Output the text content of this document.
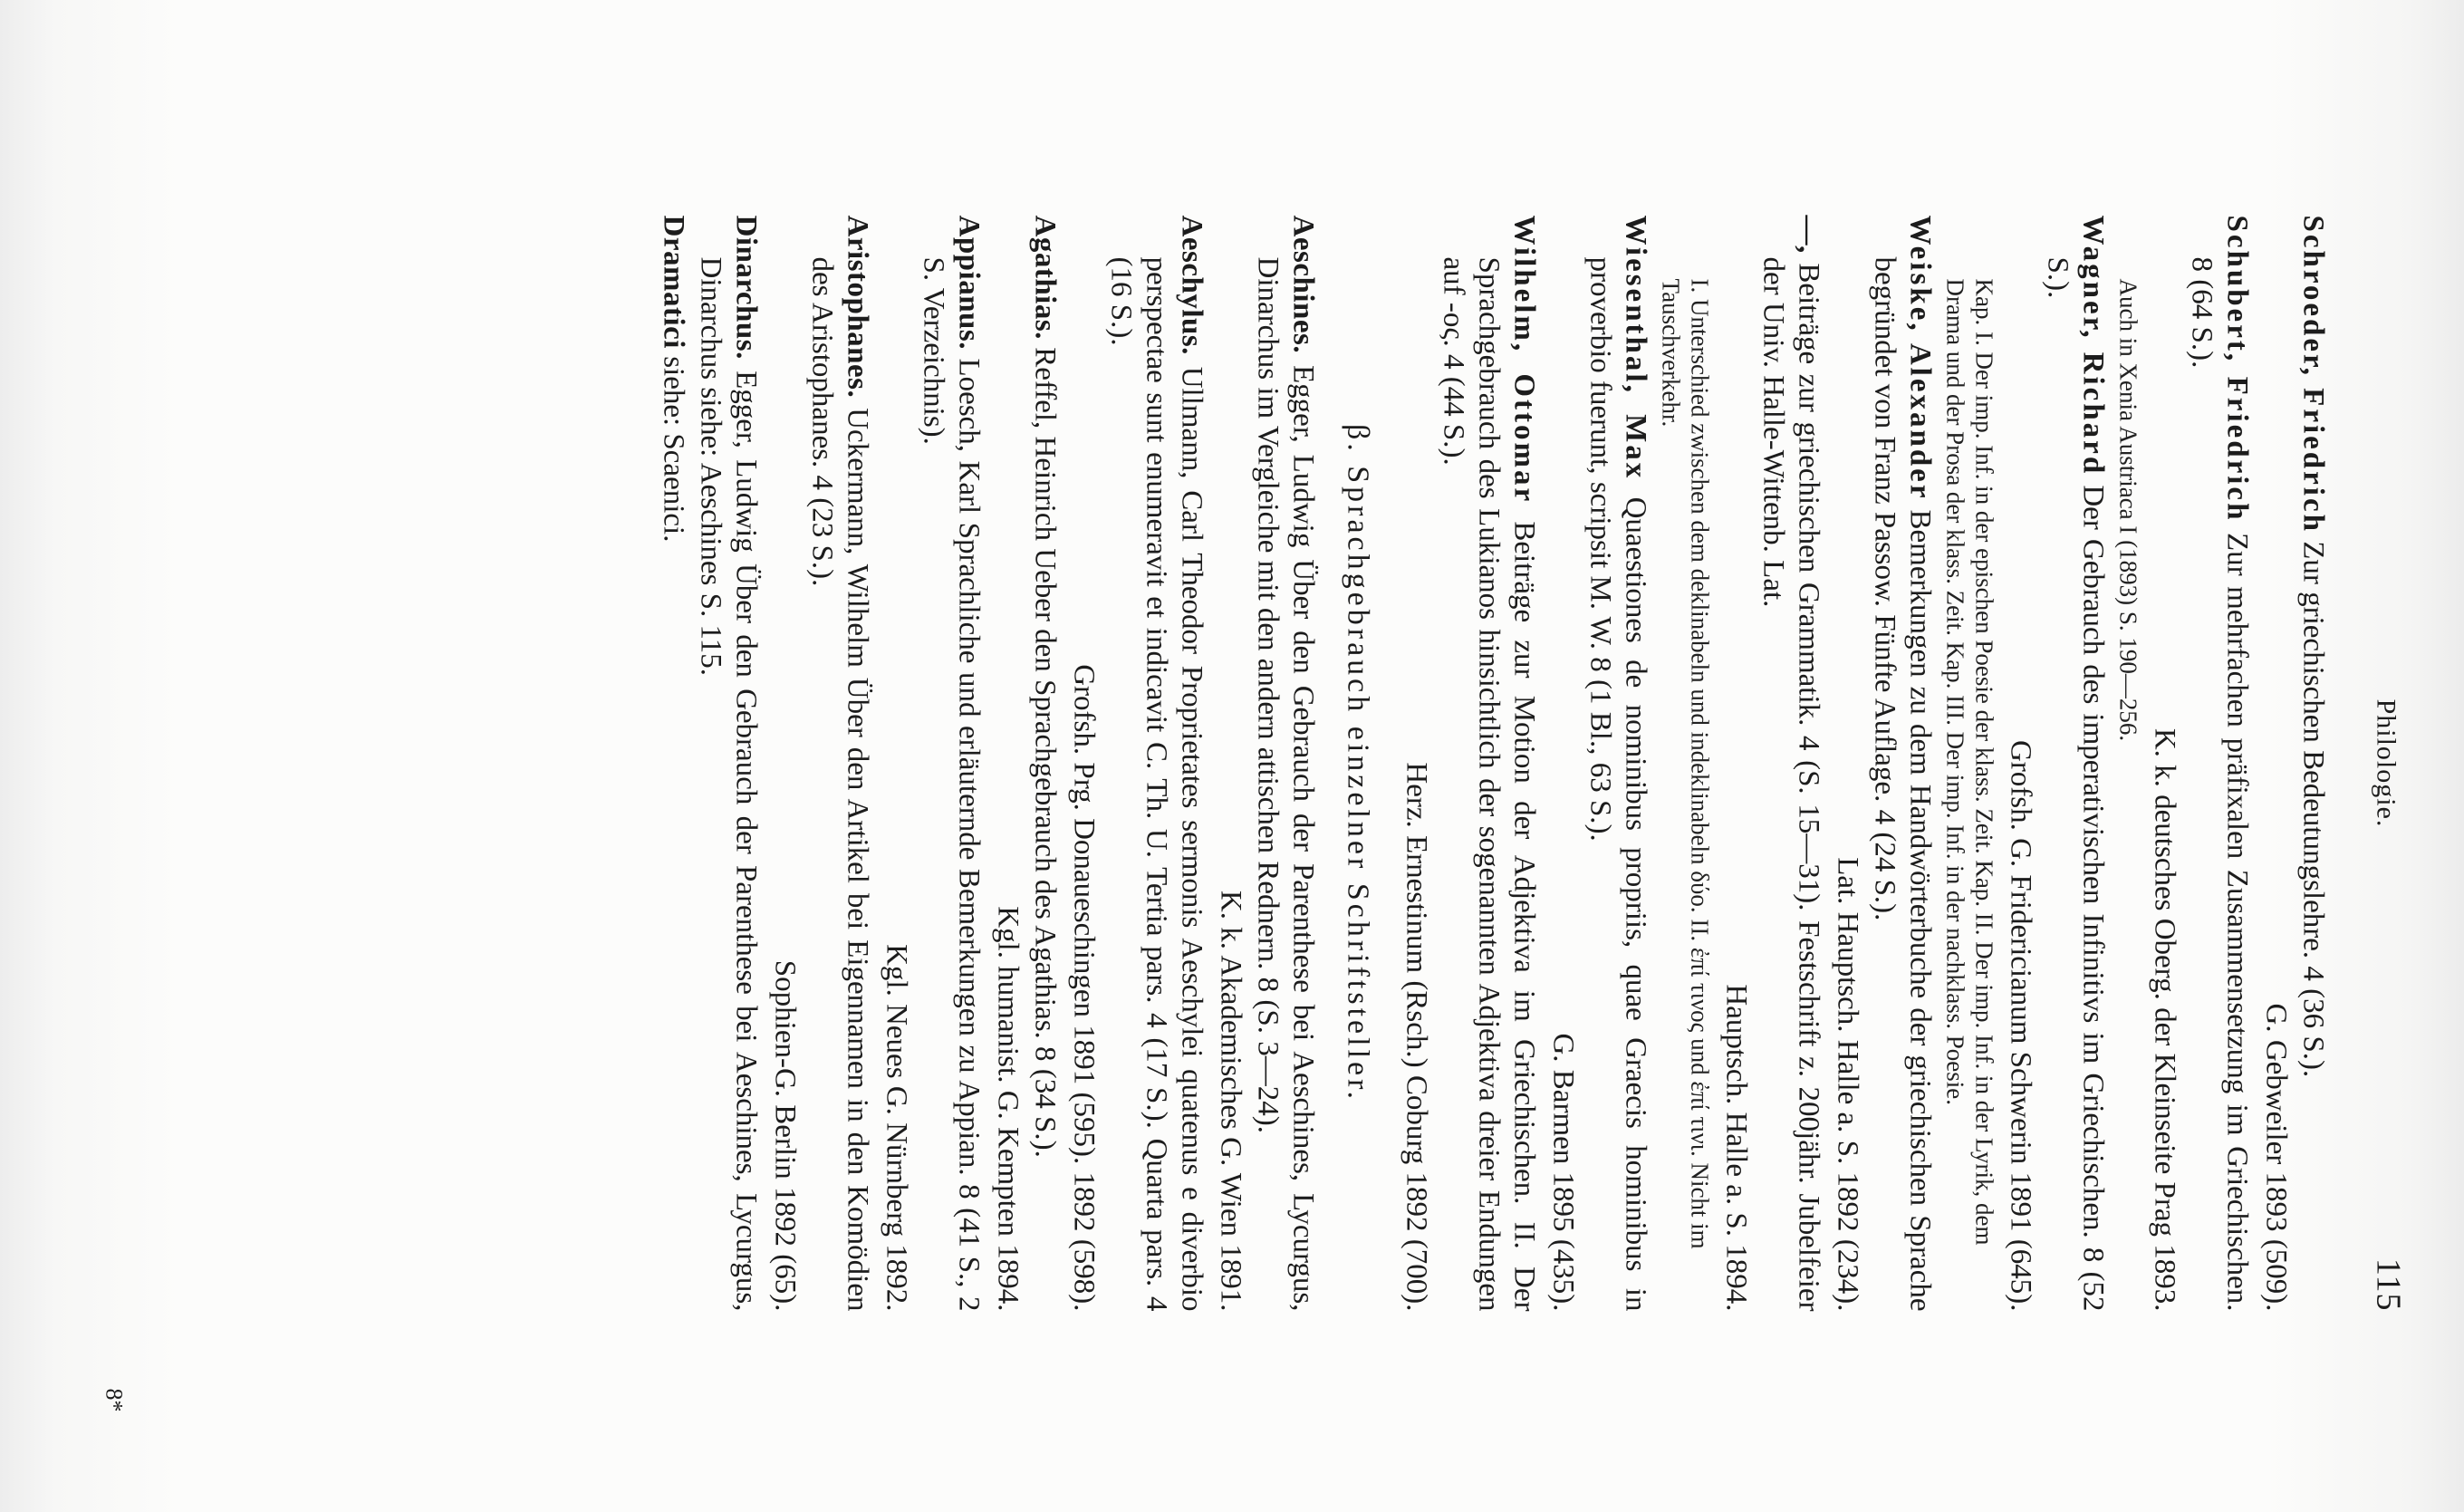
Philologie.
115
Schroeder, Friedrich Zur griechischen Bedeutungslehre. 4 (36 S.).
G. Gebweiler 1893 (509).
Schubert, Friedrich Zur mehrfachen präfixalen Zusammensetzung im Griechischen. 8 (64 S.).
K. k. deutsches Oberg. der Kleinseite Prag 1893.
Auch in Xenia Austriaca I (1893) S. 190—256.
Wagner, Richard Der Gebrauch des imperativischen Infinitivs im Griechischen. 8 (52 S.).
Grofsh. G. Fridericianum Schwerin 1891 (645).
Kap. I. Der imp. Inf. in der epischen Poesie der klass. Zeit. Kap. II. Der imp. Inf. in der Lyrik, dem Drama und der Prosa der klass. Zeit. Kap. III. Der imp. Inf. in der nachklass. Poesie.
Weiske, Alexander Bemerkungen zu dem Handwörterbuche der griechischen Sprache begründet von Franz Passow. Fünfte Auflage. 4 (24 S.).
Lat. Hauptsch. Halle a. S. 1892 (234).
—, Beiträge zur griechischen Grammatik. 4 (S. 15—31). Festschrift z. 200jähr. Jubelfeier der Univ. Halle-Wittenb. Lat.
Hauptsch. Halle a. S. 1894.
I. Unterschied zwischen dem deklinabeln und indeklinabeln δύο. II. ἐπί τινος und ἐπί τινι. Nicht im Tauschverkehr.
Wiesenthal, Max Quaestiones de nominibus propriis, quae Graecis hominibus in proverbio fuerunt, scripsit M. W. 8 (1 Bl., 63 S.).
G. Barmen 1895 (435).
Wilhelm, Ottomar Beiträge zur Motion der Adjektiva im Griechischen. II. Der Sprachgebrauch des Lukianos hinsichtlich der sogenannten Adjektiva dreier Endungen auf -ος. 4 (44 S.).
Herz. Ernestinum (Rsch.) Coburg 1892 (700).
β. Sprachgebrauch einzelner Schriftsteller.
Aeschines. Egger, Ludwig Über den Gebrauch der Parenthese bei Aeschines, Lycurgus, Dinarchus im Vergleiche mit den andern attischen Rednern. 8 (S. 3—24).
K. k. Akademisches G. Wien 1891.
Aeschylus. Ullmann, Carl Theodor Proprietates sermonis Aeschylei quatenus e diverbio perspectae sunt enumeravit et indicavit C. Th. U. Tertia pars. 4 (17 S.). Quarta pars. 4 (16 S.).
Grofsh. Prg. Donaueschingen 1891 (595). 1892 (598).
Agathias. Reffel, Heinrich Ueber den Sprachgebrauch des Agathias. 8 (34 S.).
Kgl. humanist. G. Kempten 1894.
Appianus. Loesch, Karl Sprachliche und erläuternde Bemerkungen zu Appian. 8 (41 S., 2 S. Verzeichnis).
Kgl. Neues G. Nürnberg 1892.
Aristophanes. Uckermann, Wilhelm Über den Artikel bei Eigennamen in den Komödien des Aristophanes. 4 (23 S.).
Sophien-G. Berlin 1892 (65).
Dinarchus. Egger, Ludwig Über den Gebrauch der Parenthese bei Aeschines, Lycurgus, Dinarchus siehe: Aeschines S. 115.
Dramatici siehe: Scaenici.
8*
